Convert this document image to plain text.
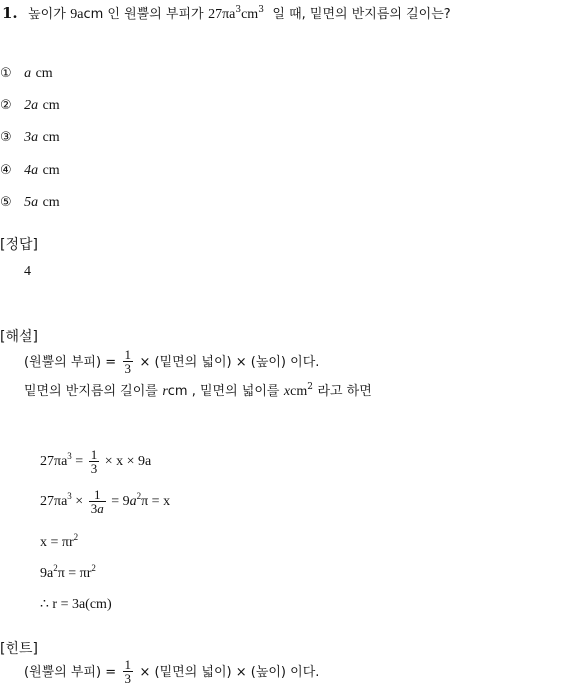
1. 높이가 9acm 인 원뿔의 부피가 $27\pi a^3cm^3$ 일 때, 밑면의 반지름의 길이는?
① a cm
② 2a cm
③ 3a cm
④ 4a cm
⑤ 5a cm
[정답]
4
[해설]
(원뿔의 부피) = $\frac{1}{3}$ × (밑면의 넓이) × (높이) 이다.
밑면의 반지름의 길이를 rcm , 밑면의 넓이를 xcm$^2$ 라고 하면
$27\pi a^3 = \frac{1}{3} \times x \times 9a$
$27\pi a^3 \times \frac{1}{3a} = 9a^2\pi = x$
$x = \pi r^2$
$9a^2\pi = \pi r^2$
∴ r = 3a(cm)
[힌트]
(원뿔의 부피) = $\frac{1}{3}$ × (밑면의 넓이) × (높이) 이다.
